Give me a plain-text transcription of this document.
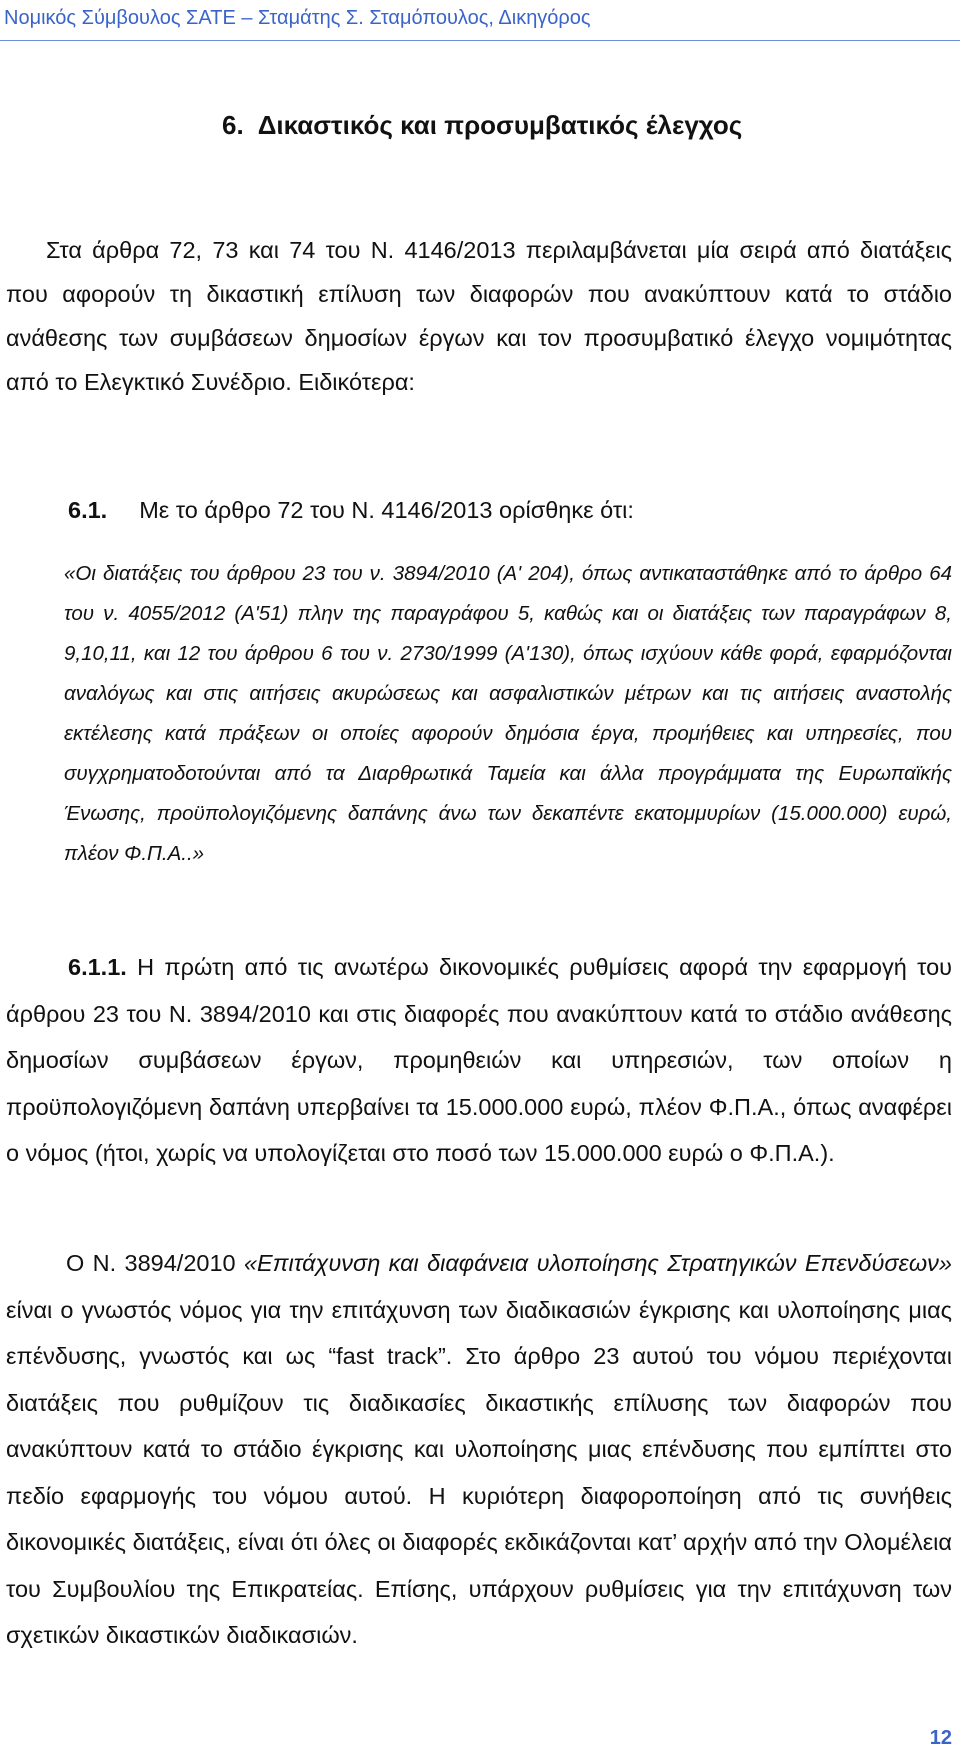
Νομικός Σύμβουλος ΣΑΤΕ – Σταμάτης Σ. Σταμόπουλος, Δικηγόρος
6. Δικαστικός και προσυμβατικός έλεγχος

Στα άρθρα 72, 73 και 74 του Ν. 4146/2013 περιλαμβάνεται μία σειρά από διατάξεις που αφορούν τη δικαστική επίλυση των διαφορών που ανακύπτουν κατά το στάδιο ανάθεσης των συμβάσεων δημοσίων έργων και τον προσυμβατικό έλεγχο νομιμότητας από το Ελεγκτικό Συνέδριο. Ειδικότερα:

6.1. Με το άρθρο 72 του Ν. 4146/2013 ορίσθηκε ότι:

«Οι διατάξεις του άρθρου 23 του ν. 3894/2010 (Α' 204), όπως αντικαταστάθηκε από το άρθρο 64 του ν. 4055/2012 (Α'51) πλην της παραγράφου 5, καθώς και οι διατάξεις των παραγράφων 8, 9,10,11, και 12 του άρθρου 6 του ν. 2730/1999 (Α'130), όπως ισχύουν κάθε φορά, εφαρμόζονται αναλόγως και στις αιτήσεις ακυρώσεως και ασφαλιστικών μέτρων και τις αιτήσεις αναστολής εκτέλεσης κατά πράξεων οι οποίες αφορούν δημόσια έργα, προμήθειες και υπηρεσίες, που συγχρηματοδοτούνται από τα Διαρθρωτικά Ταμεία και άλλα προγράμματα της Ευρωπαϊκής Ένωσης, προϋπολογιζόμενης δαπάνης άνω των δεκαπέντε εκατομμυρίων (15.000.000) ευρώ, πλέον Φ.Π.Α..»

6.1.1. Η πρώτη από τις ανωτέρω δικονομικές ρυθμίσεις αφορά την εφαρμογή του άρθρου 23 του Ν. 3894/2010 και στις διαφορές που ανακύπτουν κατά το στάδιο ανάθεσης δημοσίων συμβάσεων έργων, προμηθειών και υπηρεσιών, των οποίων η προϋπολογιζόμενη δαπάνη υπερβαίνει τα 15.000.000 ευρώ, πλέον Φ.Π.Α., όπως αναφέρει ο νόμος (ήτοι, χωρίς να υπολογίζεται στο ποσό των 15.000.000 ευρώ ο Φ.Π.Α.).

Ο Ν. 3894/2010 «Επιτάχυνση και διαφάνεια υλοποίησης Στρατηγικών Επενδύσεων» είναι ο γνωστός νόμος για την επιτάχυνση των διαδικασιών έγκρισης και υλοποίησης μιας επένδυσης, γνωστός και ως “fast track”. Στο άρθρο 23 αυτού του νόμου περιέχονται διατάξεις που ρυθμίζουν τις διαδικασίες δικαστικής επίλυσης των διαφορών που ανακύπτουν κατά το στάδιο έγκρισης και υλοποίησης μιας επένδυσης που εμπίπτει στο πεδίο εφαρμογής του νόμου αυτού. Η κυριότερη διαφοροποίηση από τις συνήθεις δικονομικές διατάξεις, είναι ότι όλες οι διαφορές εκδικάζονται κατ’ αρχήν από την Ολομέλεια του Συμβουλίου της Επικρατείας. Επίσης, υπάρχουν ρυθμίσεις για την επιτάχυνση των σχετικών δικαστικών διαδικασιών.

12
